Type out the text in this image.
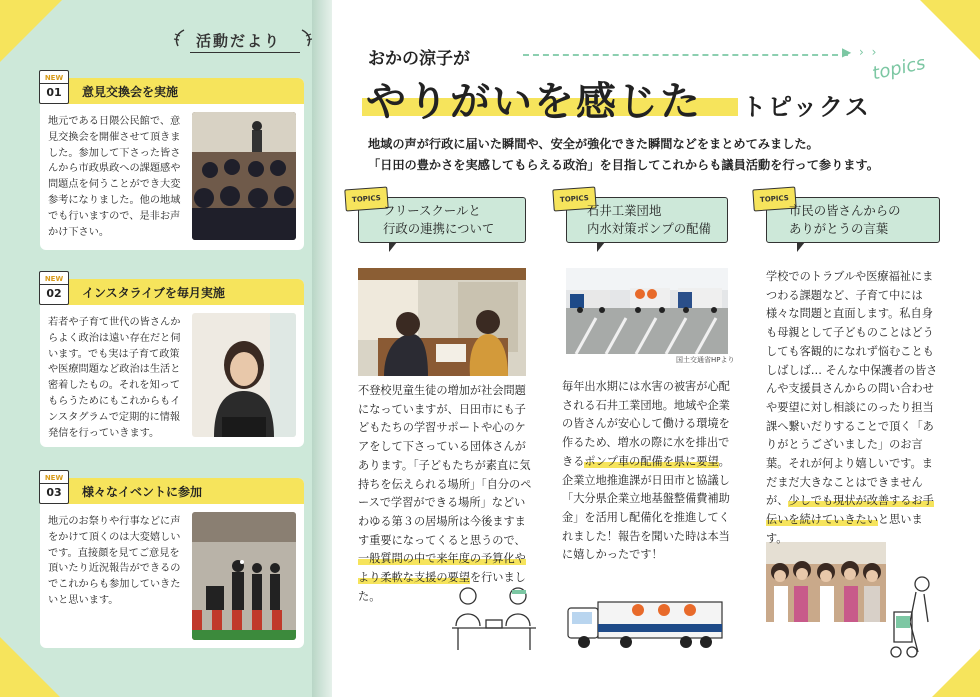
活動だより
NEW
01	意見交換会を実施
地元である日隈公民館で、意見交換会を開催させて頂きました。参加して下さった皆さんから市政県政への課題感や問題点を伺うことができ大変参考になりました。他の地域でも行いますので、是非お声かけ下さい。
NEW
02	インスタライブを毎月実施
若者や子育て世代の皆さんからよく政治は遠い存在だと伺います。でも実は子育て政策や医療問題など政治は生活と密着したもの。それを知ってもらうためにもこれからもインスタグラムで定期的に情報発信を行っていきます。
NEW
03	様々なイベントに参加
地元のお祭りや行事などに声をかけて頂くのは大変嬉しいです。直接顔を見てご意見を頂いたり近況報告ができるのでこれからも参加していきたいと思います。
おかの涼子が	▶ › ›
topics
やりがいを感じた トピックス
地域の声が行政に届いた瞬間や、安全が強化できた瞬間などをまとめてみました。
「日田の豊かさを実感してもらえる政治」を目指してこれからも議員活動を行って参ります。
TOPICS
フリースクールと
行政の連携について
TOPICS
石井工業団地
内水対策ポンプの配備
TOPICS
市民の皆さんからの
ありがとうの言葉
国土交通省HPより
不登校児童生徒の増加が社会問題になっていますが、日田市にも子どもたちの学習サポートや心のケアをして下さっている団体さんがあります。「子どもたちが素直に気持ちを伝えられる場所」「自分のペースで学習ができる場所」などいわゆる第３の居場所は今後ますます重要になってくると思うので、一般質問の中で来年度の予算化やより柔軟な支援の要望を行いました。
毎年出水期には水害の被害が心配される石井工業団地。地域や企業の皆さんが安心して働ける環境を作るため、増水の際に水を排出できるポンプ車の配備を県に要望。企業立地推進課が日田市と協議し「大分県企業立地基盤整備費補助金」を活用し配備化を推進してくれました！報告を聞いた時は本当に嬉しかったです！
学校でのトラブルや医療福祉にまつわる課題など、子育て中には様々な問題と直面します。私自身も母親として子どものことはどうしても客観的になれず悩むこともしばしば… そんな中保護者の皆さんや支援員さんからの問い合わせや要望に対し相談にのったり担当課へ繋いだりすることで頂く「ありがとうございました」のお言葉。それが何より嬉しいです。まだまだ大きなことはできませんが、少しでも現状が改善するお手伝いを続けていきたいと思います。
